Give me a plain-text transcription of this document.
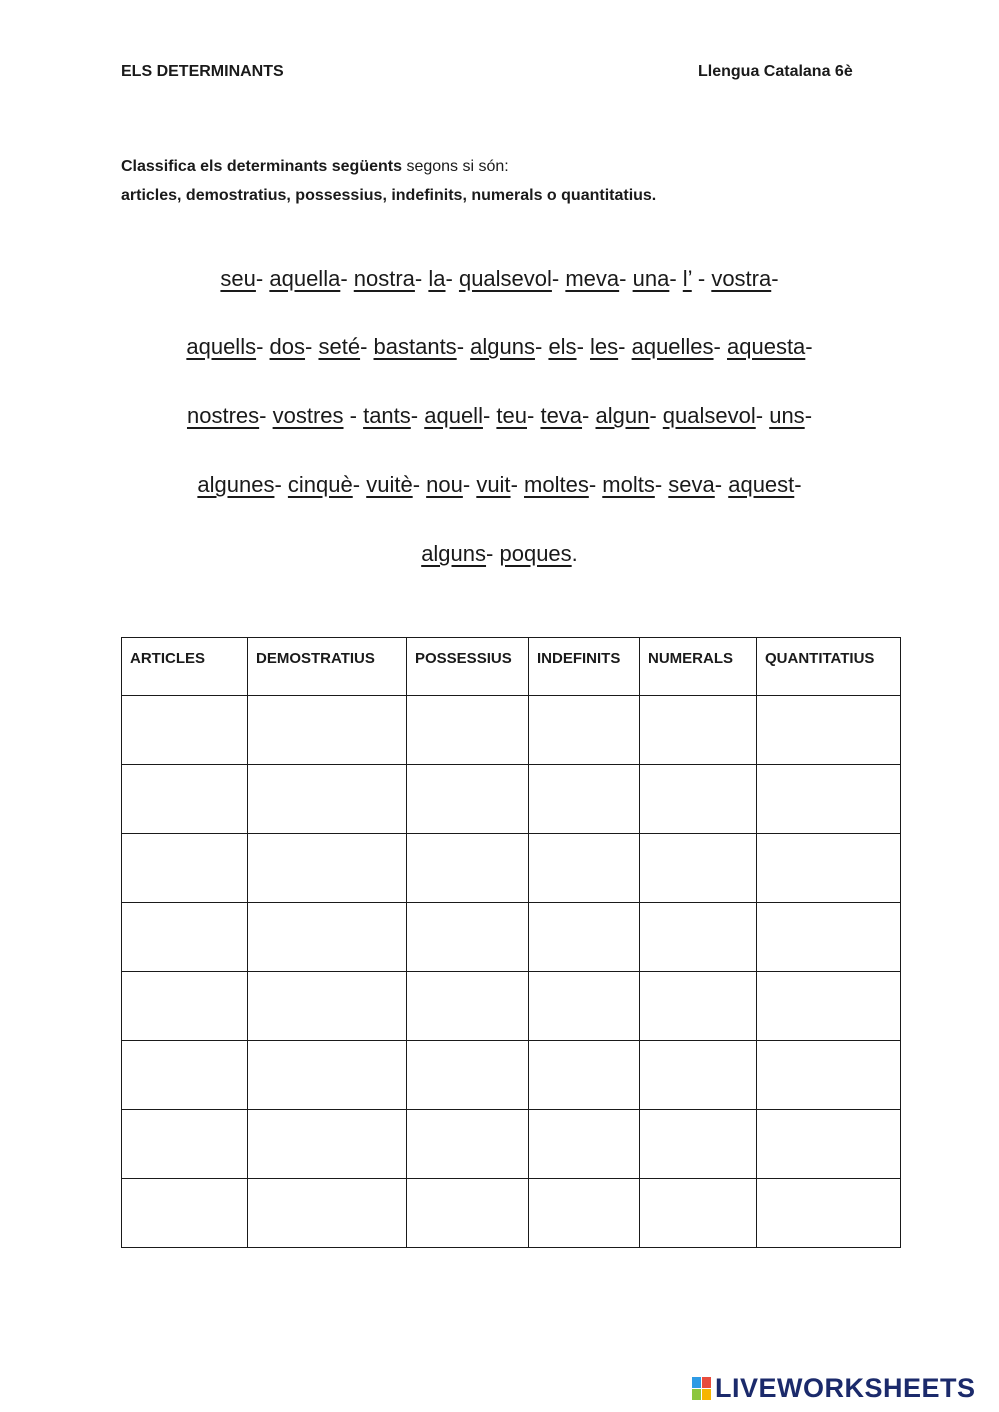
ELS DETERMINANTS	Llengua Catalana 6è
Classifica els determinants següents segons si són:
articles, demostratius, possessius, indefinits, numerals o quantitatius.
seu- aquella- nostra- la- qualsevol- meva- una- l’ - vostra-
aquells- dos- seté- bastants- alguns- els- les- aquelles- aquesta-
nostres- vostres - tants- aquell- teu- teva- algun- qualsevol- uns-
algunes- cinquè- vuitè- nou- vuit- moltes- molts- seva- aquest-
alguns- poques.
ARTICLES	DEMOSTRATIUS	POSSESSIUS	INDEFINITS	NUMERALS	QUANTITATIUS

LIVEWORKSHEETS
